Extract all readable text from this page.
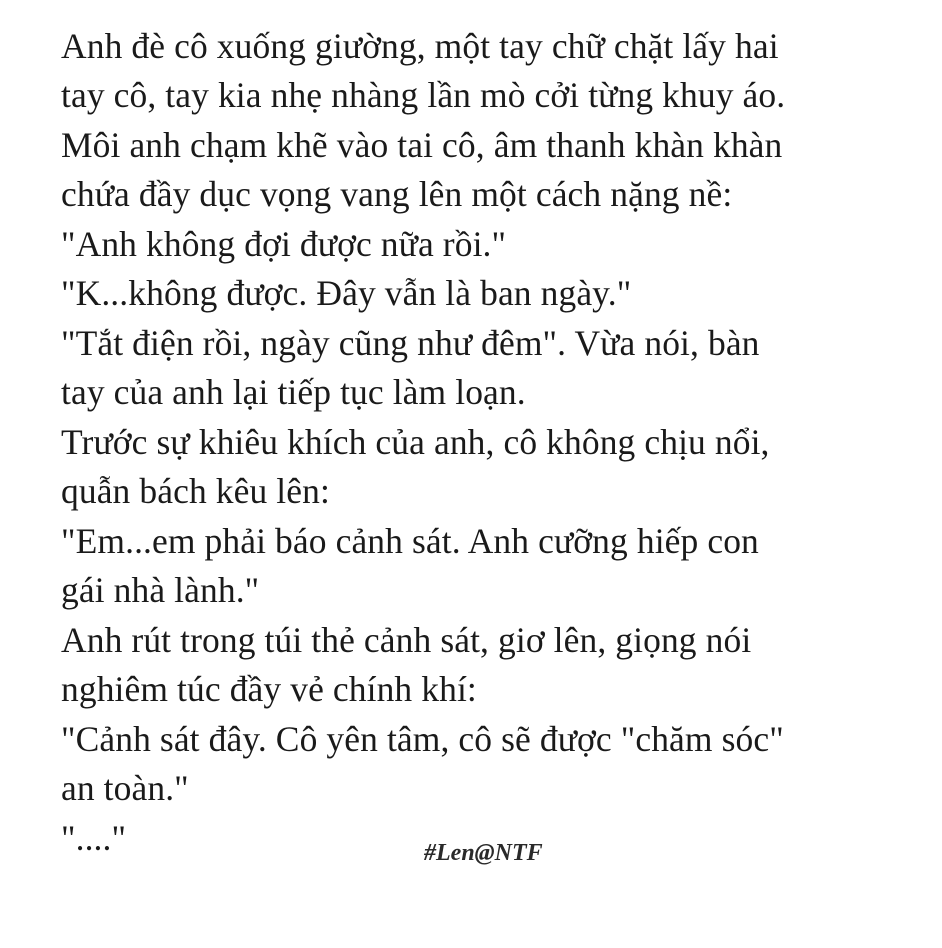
Anh đè cô xuống giường, một tay chữ chặt lấy hai
tay cô, tay kia nhẹ nhàng lần mò cởi từng khuy áo.
Môi anh chạm khẽ vào tai cô, âm thanh khàn khàn
chứa đầy dục vọng vang lên một cách nặng nề:
"Anh không đợi được nữa rồi."
"K...không được. Đây vẫn là ban ngày."
"Tắt điện rồi, ngày cũng như đêm". Vừa nói, bàn
tay của anh lại tiếp tục làm loạn.
Trước sự khiêu khích của anh, cô không chịu nổi,
quẫn bách kêu lên:
"Em...em phải báo cảnh sát. Anh cưỡng hiếp con
gái nhà lành."
Anh rút trong túi thẻ cảnh sát, giơ lên, giọng nói
nghiêm túc đầy vẻ chính khí:
"Cảnh sát đây. Cô yên tâm, cô sẽ được "chăm sóc"
an toàn."
"...."	#Len@NTF
